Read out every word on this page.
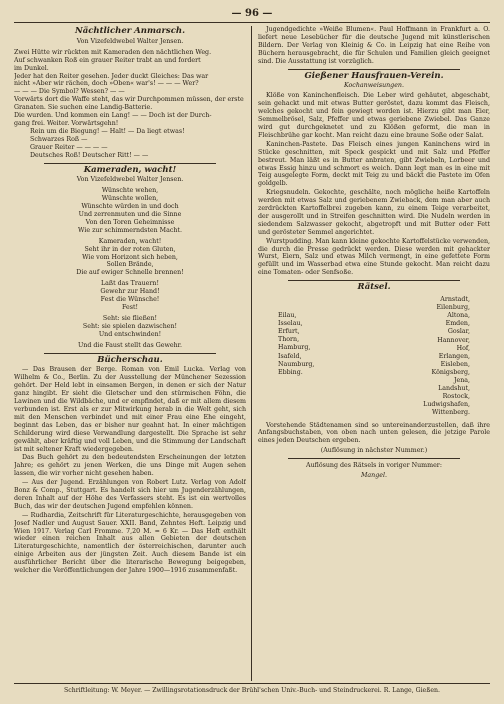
— 96 —
Nächtlicher Anmarsch.
Von Vizefeldwebel Walter Jensen.
Zwei Hütte wir rückten mit Kameraden den nächtlichen Weg.
Auf schwanken Roß ein grauer Reiter trabt an und fordert
im Dunkel.
Jeder hat den Reiter gesehen. Jeder duckt Gleiches: Das war
nicht »Aber wir rächen, doch »Oben« war's! — — — Wer?
— — — Die Symbol? Wessen? — —
Vorwärts dort die Waffe steht, das wir Durchpommen müssen, der erste
Granaten. Sie suchen eine Landig-Batterie.
Die wurden. Und kommen ein Lang! — — Doch ist der Durch-
gang frei. Weiter. Vorwärtsgehn!
Rein um die Biegung! — Halt! — Da liegt etwas!
Schwarzes Roß —
Grauer Reiter — — — —
Deutsches Roß! Deutscher Ritt! — —
Kameraden, wacht!
Von Vizefeldwebel Walter Jensen.
Wünschte wehen,
Wünschte wollen,
Wünschte würden in und doch
Und zerrenmuten und die Sinne
Von den Toren Geheimnisse
Wie zur schimmerndsten Macht.
Kameraden, wacht!
Seht ihr in der roten Gluten,
Wie vom Horizont sich heben,
Sollen Brände,
Die auf ewiger Schnelle brennen!
Laßt das Trauern!
Gewehr zur Hand!
Fest die Wünsche!
Fest!
Seht: sie fließen!
Seht: sie spielen dazwischen!
Und entschwinden!
Und die Faust stellt das Gewehr.
Bücherschau.

— Das Brausen der Berge. Roman von Emil Lucka. Verlag von Wilhelm & Co., Berlin. Zu der Ausstellung der Münchener Sezession gehört. Der Held lebt in einsamen Bergen, in denen er sich der Natur ganz hingibt. Er sieht die Gletscher und den stürmischen Föhn, die Lawinen und die Wildbäche, und er empfindet, daß er mit allem diesem verbunden ist. Erst als er zur Mitwirkung herab in die Welt geht, sich mit den Menschen verbindet und mit einer Frau eine Ehe eingeht, beginnt das Leben, das er bisher nur geahnt hat. In einer mächtigen Schilderung wird diese Verwandlung dargestellt. Die Sprache ist sehr gewählt, aber kräftig und voll Leben, und die Stimmung der Landschaft ist mit seltener Kraft wiedergegeben.

Das Buch gehört zu den bedeutendsten Erscheinungen der letzten Jahre; es gehört zu jenen Werken, die uns Dinge mit Augen sehen lassen, die wir vorher nicht gesehen haben.

— Aus der Jugend. Erzählungen von Robert Lutz. Verlag von Adolf Bonz & Comp., Stuttgart. Es handelt sich hier um Jugenderzählungen, deren Inhalt auf der Höhe des Verfassers steht. Es ist ein wertvolles Buch, das wir der deutschen Jugend empfehlen können.

— Rudhardia, Zeitschrift für Literaturgeschichte, herausgegeben von Josef Nadler und August Sauer. XXII. Band, Zehntes Heft. Leipzig und Wien 1917. Verlag Carl Fromme. 7,20 M. = 6 Kr. — Das Heft enthält wieder einen reichen Inhalt aus allen Gebieten der deutschen Literaturgeschichte, namentlich der österreichischen, darunter auch einige Arbeiten aus der jüngsten Zeit. Auch diesem Bande ist ein ausführlicher Bericht über die literarische Bewegung beigegeben, welcher die Veröffentlichungen der Jahre 1900—1916 zusammenfaßt.

Jugendgedichte »Weiße Blumen«. Paul Hoffmann in Frankfurt a. O. liefert neue Lesebücher für die deutsche Jugend mit künstlerischen Bildern. Der Verlag von Kleinig & Co. in Leipzig hat eine Reihe von Büchern herausgebracht, die für Schulen und Familien gleich geeignet sind. Die Ausstattung ist vorzüglich.

Gießener Hausfrauen-Verein.
Kochanweisungen.

Klöße von Kaninchenfleisch. Die Leber wird gehäutet, abgeschabt, sein gehackt und mit etwas Butter geröstet, dazu kommt das Fleisch, welches gekocht und fein gewiegt worden ist. Hierzu gibt man Eier, Semmelbrösel, Salz, Pfeffer und etwas geriebene Zwiebel. Das Ganze wird gut durchgeknetet und zu Klößen geformt, die man in Fleischbrühe gar kocht. Man reicht dazu eine braune Soße oder Salat.

Kaninchen-Pastete. Das Fleisch eines jungen Kaninchens wird in Stücke geschnitten, mit Speck gespickt und mit Salz und Pfeffer bestreut. Man läßt es in Butter anbraten, gibt Zwiebeln, Lorbeer und etwas Essig hinzu und schmort es weich. Dann legt man es in eine mit Teig ausgelegte Form, deckt mit Teig zu und bäckt die Pastete im Ofen goldgelb.

Kriegsnudeln. Gekochte, geschälte, noch mögliche heiße Kartoffeln werden mit etwas Salz und geriebenem Zwieback, dem man aber auch zerdrückten Kartoffelbrei zugeben kann, zu einem Teige verarbeitet, der ausgerollt und in Streifen geschnitten wird. Die Nudeln werden in siedendem Salzwasser gekocht, abgetropft und mit Butter oder Fett und gerösteter Semmel angerichtet.

Wurstpudding. Man kann kleine gekochte Kartoffelstücke verwenden, die durch die Presse gedrückt werden. Diese werden mit gehackter Wurst, Eiern, Salz und etwas Milch vermengt, in eine gefettete Form gefüllt und im Wasserbad etwa eine Stunde gekocht. Man reicht dazu eine Tomaten- oder Senfsoße.

Rätsel.
Eilau,
Isselau,
Erfurt,
Thorn,
Hamburg,
Isafeld,
Naumburg,
Ebbing.
Arnstadt,
Eilenburg,
Altona,
Emden,
Goslar,
Hannover,
Hof,
Erlangen,
Eisleben,
Königsberg,
Jena,
Landshut,
Rostock,
Ludwigshafen,
Wittenberg.

Vorstehende Städtenamen sind so untereinanderzustellen, daß ihre Anfangsbuchstaben, von oben nach unten gelesen, die jetzige Parole eines jeden Deutschen ergeben.

(Auflösung in nächster Nummer.)
Auflösung des Rätsels in voriger Nummer:
Mangel.
Schriftleitung: W. Meyer. — Zwillingsrotationsdruck der Brühl'schen Univ.-Buch- und Steindruckerei. R. Lange, Gießen.
